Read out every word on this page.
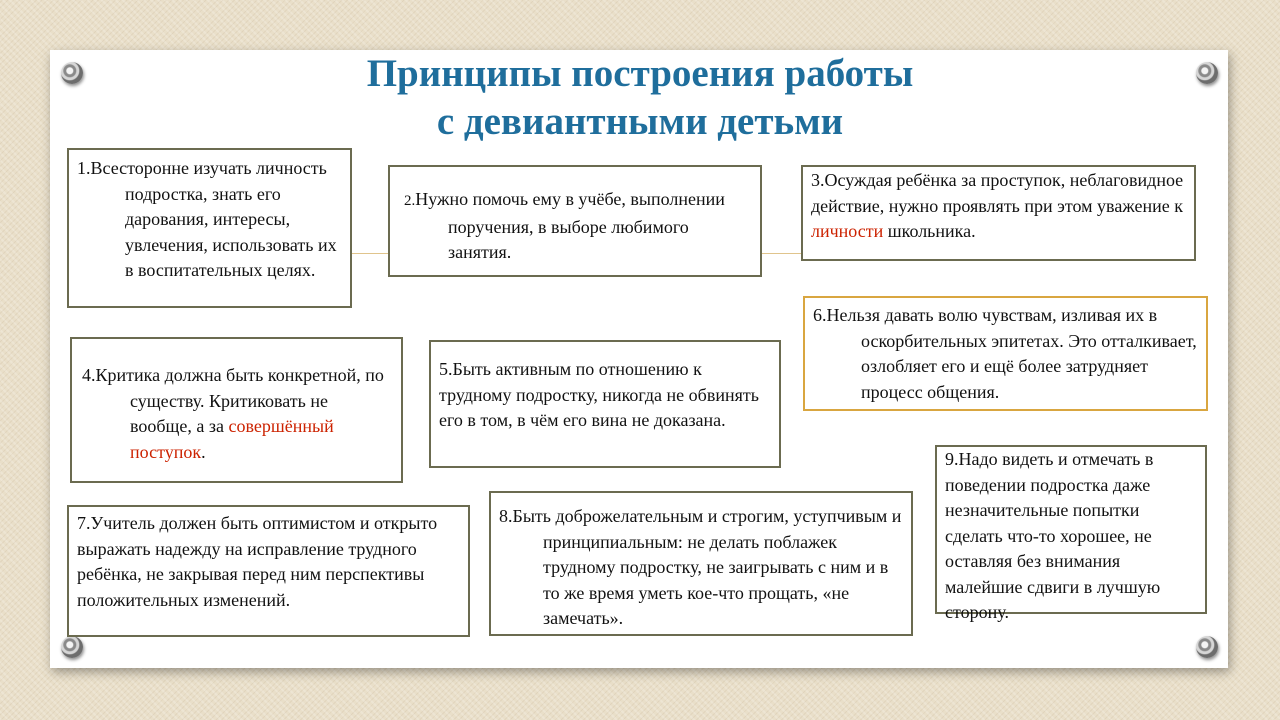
Принципы построения работы
с девиантными детьми

1.Всесторонне изучать личность подростка, знать его дарования, интересы, увлечения, использовать их в воспитательных целях.

2.Нужно помочь ему в учёбе, выполнении поручения, в выборе любимого занятия.

3.Осуждая ребёнка за проступок, неблаговидное действие, нужно проявлять при этом уважение к личности школьника.

4.Критика должна быть конкретной, по существу. Критиковать не вообще, а за совершённый поступок.

5.Быть активным по отношению к трудному подростку, никогда не обвинять его в том, в чём его вина не доказана.

6.Нельзя давать волю чувствам, изливая их в оскорбительных эпитетах. Это отталкивает, озлобляет его и ещё более затрудняет процесс общения.

7.Учитель должен быть оптимистом и открыто выражать надежду на исправление трудного ребёнка, не закрывая перед ним перспективы положительных изменений.

8.Быть доброжелательным и строгим, уступчивым и принципиальным: не делать поблажек трудному подростку, не заигрывать с ним и в то же время уметь кое-что прощать, «не замечать».

9.Надо видеть и отмечать в поведении подростка даже незначительные попытки сделать что-то хорошее, не оставляя без внимания малейшие сдвиги в лучшую сторону.
